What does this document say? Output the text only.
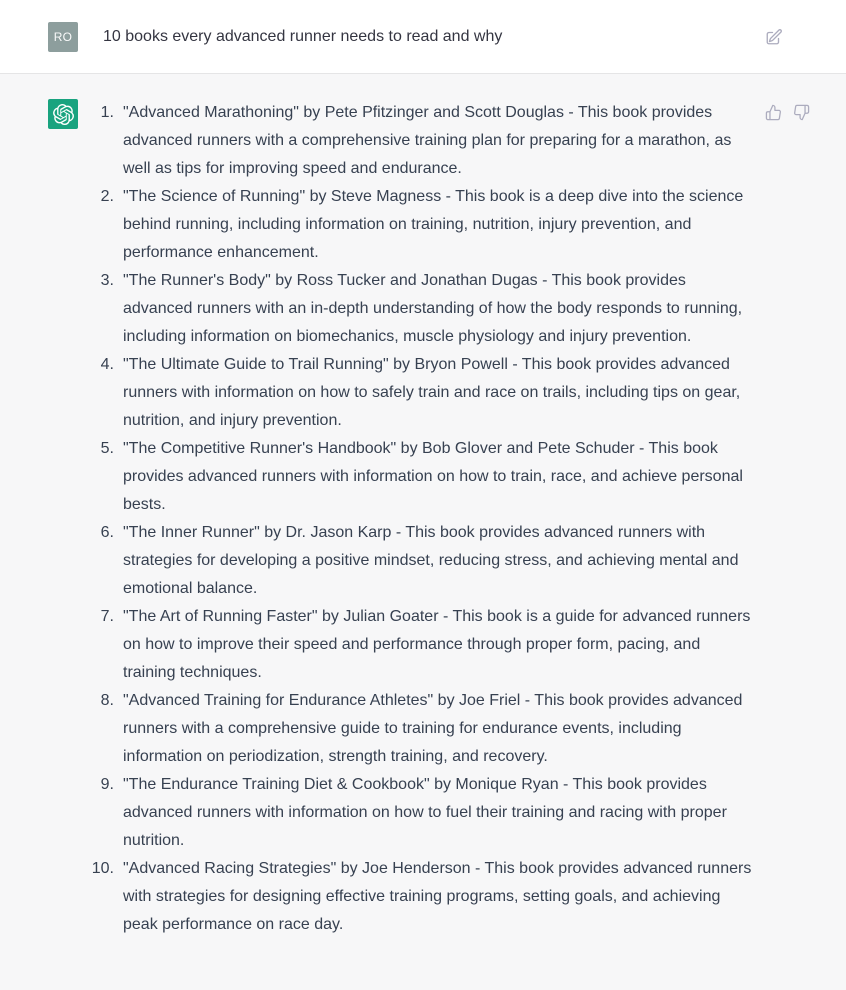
RO 10 books every advanced runner needs to read and why
1. "Advanced Marathoning" by Pete Pfitzinger and Scott Douglas - This book provides advanced runners with a comprehensive training plan for preparing for a marathon, as well as tips for improving speed and endurance.
2. "The Science of Running" by Steve Magness - This book is a deep dive into the science behind running, including information on training, nutrition, injury prevention, and performance enhancement.
3. "The Runner's Body" by Ross Tucker and Jonathan Dugas - This book provides advanced runners with an in-depth understanding of how the body responds to running, including information on biomechanics, muscle physiology and injury prevention.
4. "The Ultimate Guide to Trail Running" by Bryon Powell - This book provides advanced runners with information on how to safely train and race on trails, including tips on gear, nutrition, and injury prevention.
5. "The Competitive Runner's Handbook" by Bob Glover and Pete Schuder - This book provides advanced runners with information on how to train, race, and achieve personal bests.
6. "The Inner Runner" by Dr. Jason Karp - This book provides advanced runners with strategies for developing a positive mindset, reducing stress, and achieving mental and emotional balance.
7. "The Art of Running Faster" by Julian Goater - This book is a guide for advanced runners on how to improve their speed and performance through proper form, pacing, and training techniques.
8. "Advanced Training for Endurance Athletes" by Joe Friel - This book provides advanced runners with a comprehensive guide to training for endurance events, including information on periodization, strength training, and recovery.
9. "The Endurance Training Diet & Cookbook" by Monique Ryan - This book provides advanced runners with information on how to fuel their training and racing with proper nutrition.
10. "Advanced Racing Strategies" by Joe Henderson - This book provides advanced runners with strategies for designing effective training programs, setting goals, and achieving peak performance on race day.
